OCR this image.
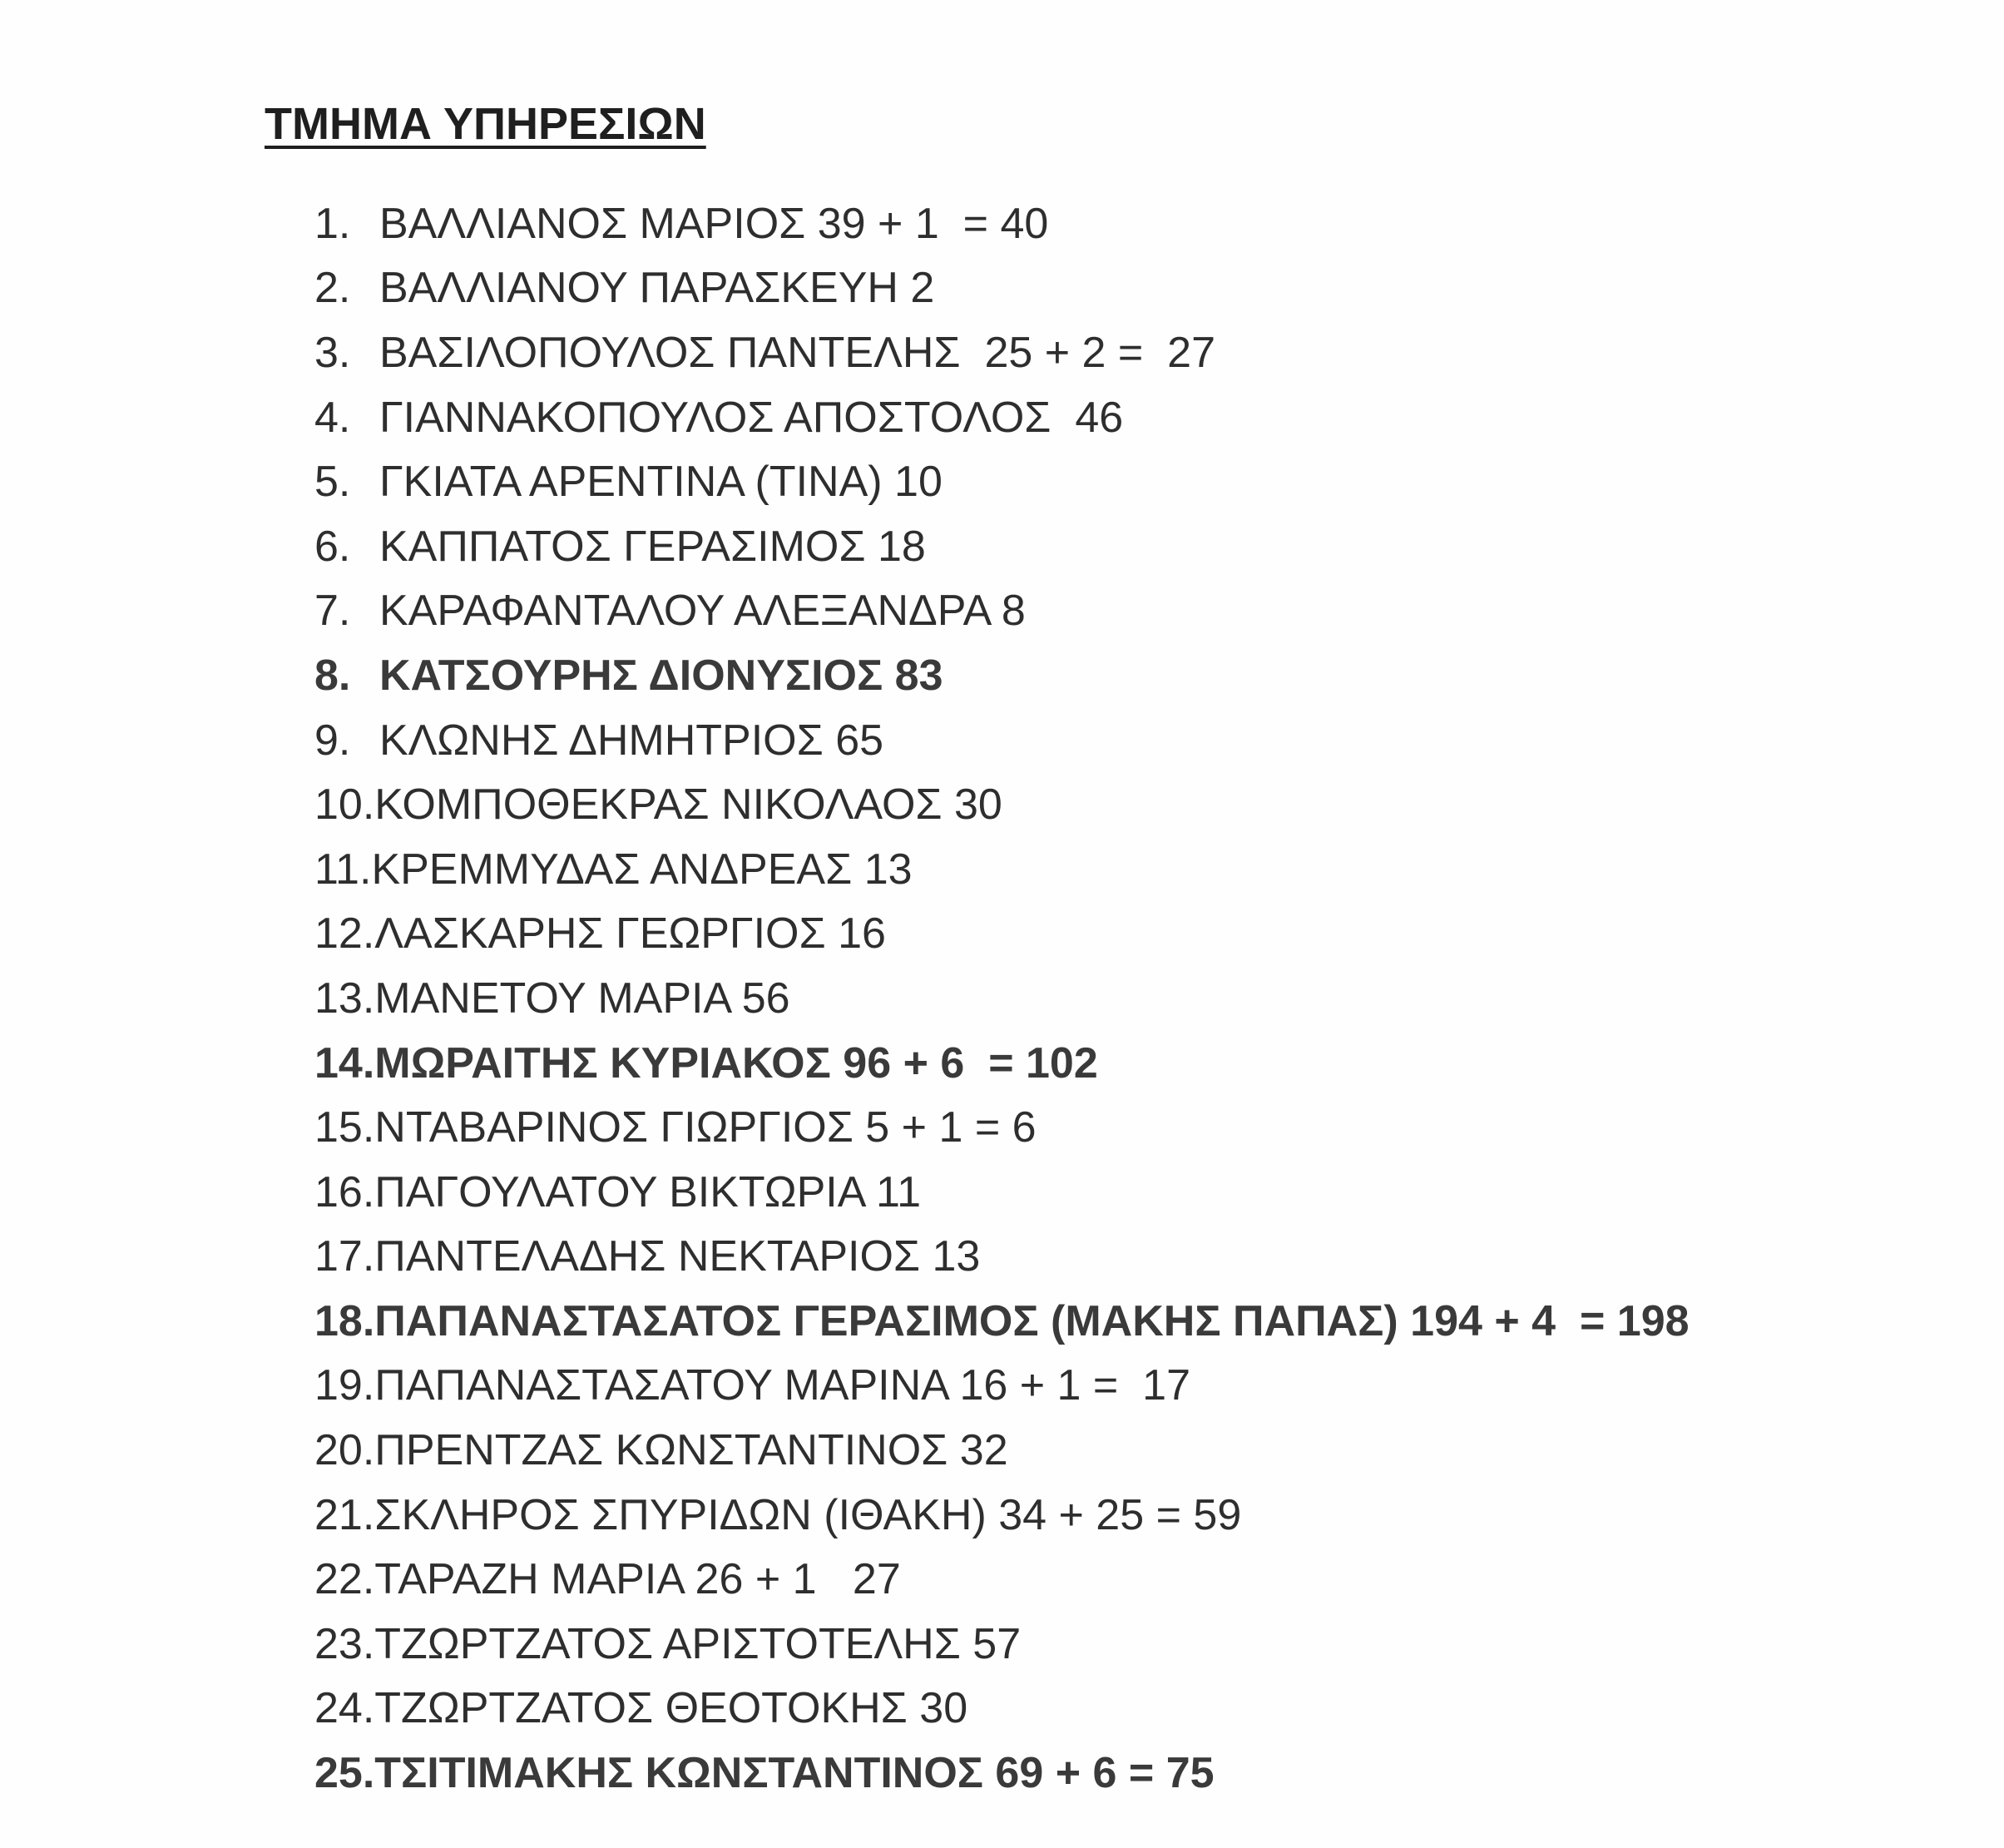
ΤΜΗΜΑ ΥΠΗΡΕΣΙΩΝ
1. ΒΑΛΛΙΑΝΟΣ ΜΑΡΙΟΣ 39 + 1  = 40
2. ΒΑΛΛΙΑΝΟΥ ΠΑΡΑΣΚΕΥΗ 2
3. ΒΑΣΙΛΟΠΟΥΛΟΣ ΠΑΝΤΕΛΗΣ  25 + 2 =  27
4. ΓΙΑΝΝΑΚΟΠΟΥΛΟΣ ΑΠΟΣΤΟΛΟΣ  46
5. ΓΚΙΑΤΑ ΑΡΕΝΤΙΝΑ (ΤΙΝΑ) 10
6. ΚΑΠΠΑΤΟΣ ΓΕΡΑΣΙΜΟΣ 18
7. ΚΑΡΑΦΑΝΤΑΛΟΥ ΑΛΕΞΑΝΔΡΑ 8
8. ΚΑΤΣΟΥΡΗΣ ΔΙΟΝΥΣΙΟΣ 83
9. ΚΛΩΝΗΣ ΔΗΜΗΤΡΙΟΣ 65
10. ΚΟΜΠΟΘΕΚΡΑΣ ΝΙΚΟΛΑΟΣ 30
11. ΚΡΕΜΜΥΔΑΣ ΑΝΔΡΕΑΣ 13
12. ΛΑΣΚΑΡΗΣ ΓΕΩΡΓΙΟΣ 16
13. ΜΑΝΕΤΟΥ ΜΑΡΙΑ 56
14. ΜΩΡΑΙΤΗΣ ΚΥΡΙΑΚΟΣ 96 + 6  = 102
15. ΝΤΑΒΑΡΙΝΟΣ ΓΙΩΡΓΙΟΣ 5 + 1 = 6
16. ΠΑΓΟΥΛΑΤΟΥ ΒΙΚΤΩΡΙΑ 11
17. ΠΑΝΤΕΛΑΔΗΣ ΝΕΚΤΑΡΙΟΣ 13
18. ΠΑΠΑΝΑΣΤΑΣΑΤΟΣ ΓΕΡΑΣΙΜΟΣ (ΜΑΚΗΣ ΠΑΠΑΣ) 194 + 4  = 198
19. ΠΑΠΑΝΑΣΤΑΣΑΤΟΥ ΜΑΡΙΝΑ 16 + 1 =  17
20. ΠΡΕΝΤΖΑΣ ΚΩΝΣΤΑΝΤΙΝΟΣ 32
21. ΣΚΛΗΡΟΣ ΣΠΥΡΙΔΩΝ (ΙΘΑΚΗ) 34 + 25 = 59
22. ΤΑΡΑΖΗ ΜΑΡΙΑ 26 + 1   27
23. ΤΖΩΡΤΖΑΤΟΣ ΑΡΙΣΤΟΤΕΛΗΣ 57
24. ΤΖΩΡΤΖΑΤΟΣ ΘΕΟΤΟΚΗΣ 30
25. ΤΣΙΤΙΜΑΚΗΣ ΚΩΝΣΤΑΝΤΙΝΟΣ 69 + 6 = 75
